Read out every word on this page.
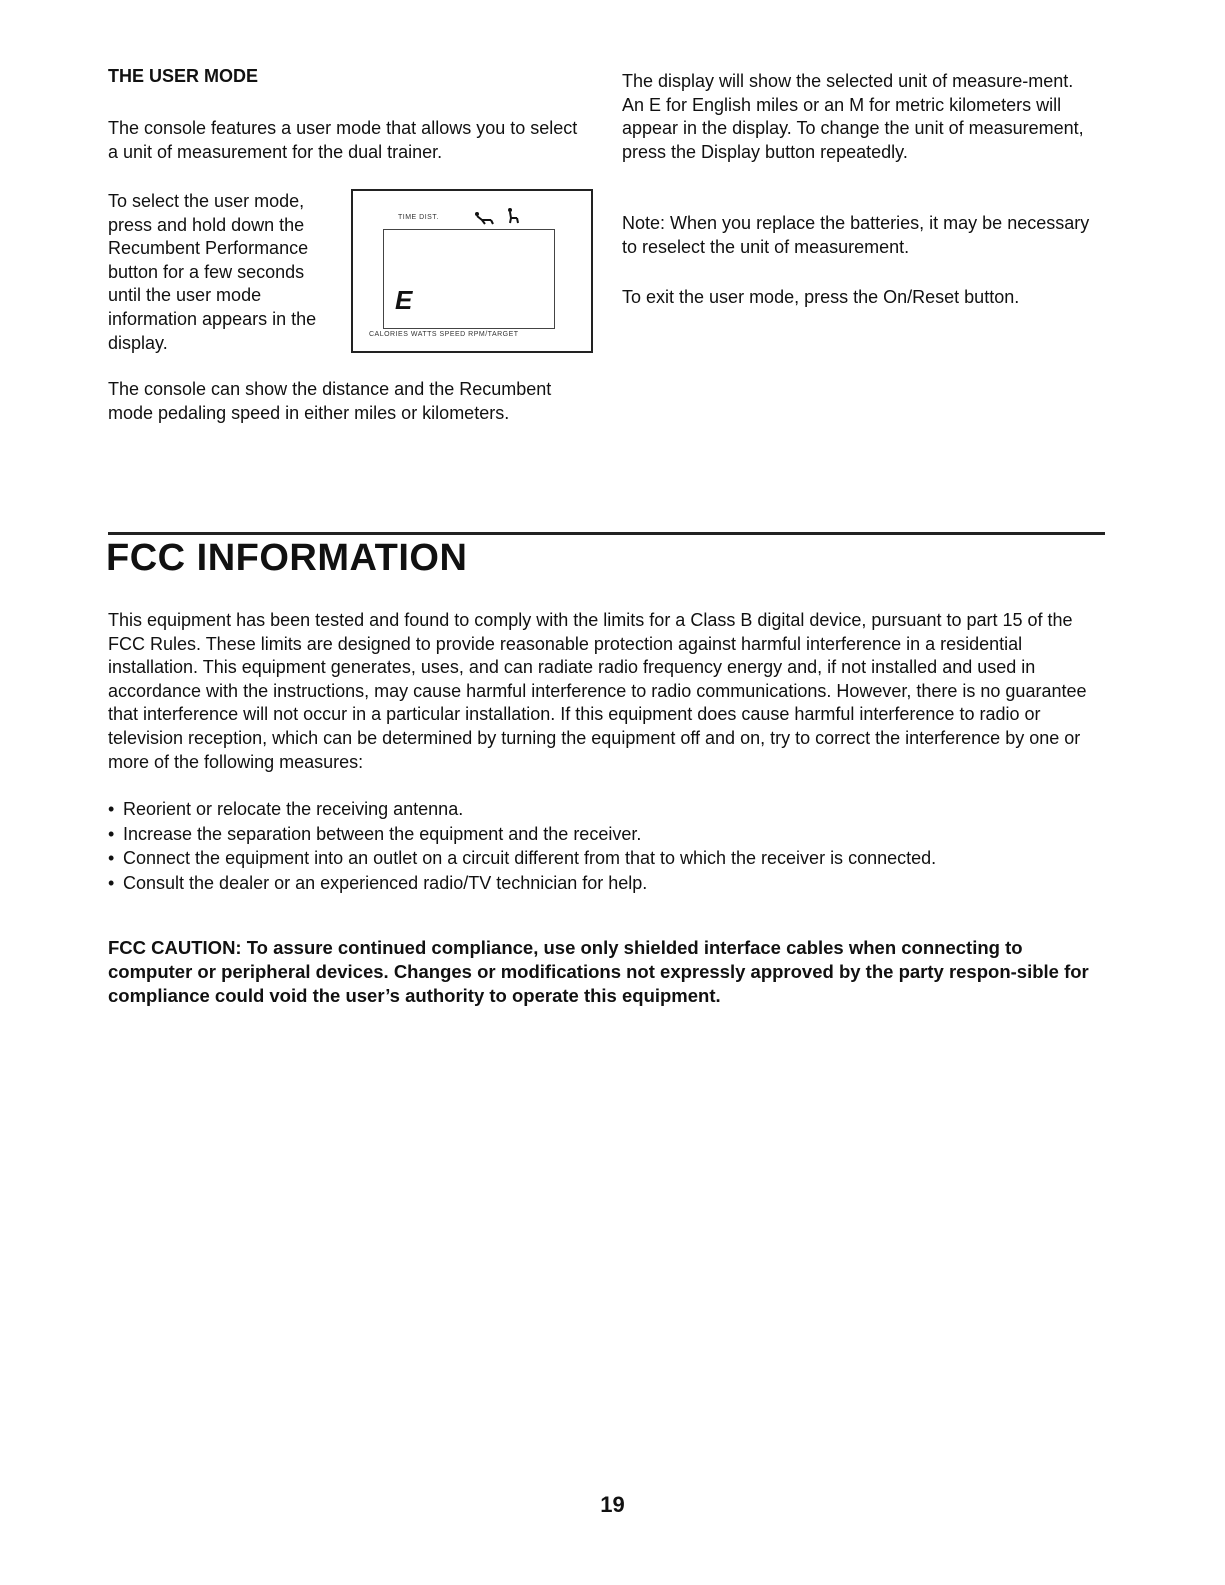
THE USER MODE

The console features a user mode that allows you to select a unit of measurement for the dual trainer.

To select the user mode, press and hold down the Recumbent Performance button for a few seconds until the user mode information appears in the display.

TIME DIST.
E
CALORIES WATTS SPEED RPM/TARGET

The console can show the distance and the Recumbent mode pedaling speed in either miles or kilometers.

The display will show the selected unit of measure-ment. An E for English miles or an M for metric kilometers will appear in the display. To change the unit of measurement, press the Display button repeatedly.

Note: When you replace the batteries, it may be necessary to reselect the unit of measurement.

To exit the user mode, press the On/Reset button.

FCC INFORMATION

This equipment has been tested and found to comply with the limits for a Class B digital device, pursuant to part 15 of the FCC Rules. These limits are designed to provide reasonable protection against harmful interference in a residential installation. This equipment generates, uses, and can radiate radio frequency energy and, if not installed and used in accordance with the instructions, may cause harmful interference to radio communications. However, there is no guarantee that interference will not occur in a particular installation. If this equipment does cause harmful interference to radio or television reception, which can be determined by turning the equipment off and on, try to correct the interference by one or more of the following measures:

• Reorient or relocate the receiving antenna.
• Increase the separation between the equipment and the receiver.
• Connect the equipment into an outlet on a circuit different from that to which the receiver is connected.
• Consult the dealer or an experienced radio/TV technician for help.

FCC CAUTION: To assure continued compliance, use only shielded interface cables when connecting to computer or peripheral devices. Changes or modifications not expressly approved by the party respon-sible for compliance could void the user’s authority to operate this equipment.

19
